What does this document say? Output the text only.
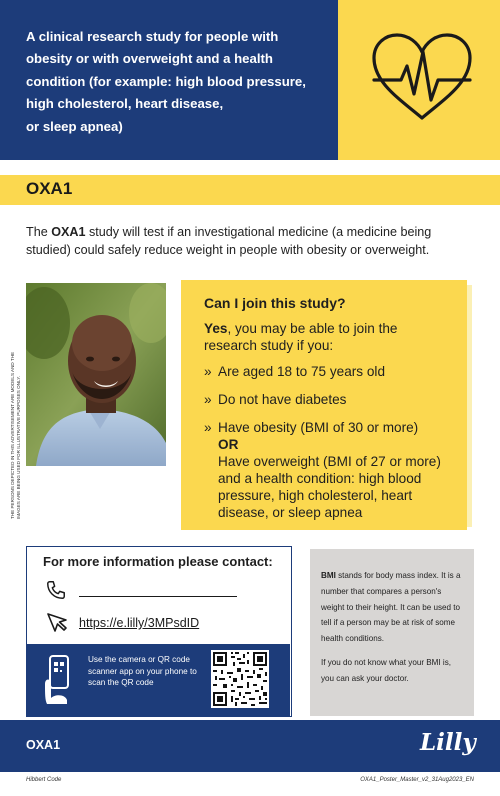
A clinical research study for people with
obesity or with overweight and a health
condition (for example: high blood pressure,
high cholesterol, heart disease,
or sleep apnea)
OXA1
The OXA1 study will test if an investigational medicine (a medicine being studied) could safely reduce weight in people with obesity or overweight.
THE PERSONS DEPICTED IN THIS ADVERTISEMENT ARE MODELS AND THE IMAGES ARE BEING USED FOR ILLUSTRATIVE PURPOSES ONLY.
Can I join this study?
Yes, you may be able to join the research study if you:
» Are aged 18 to 75 years old
» Do not have diabetes
» Have obesity (BMI of 30 or more)
OR
Have overweight (BMI of 27 or more) and a health condition: high blood pressure, high cholesterol, heart disease, or sleep apnea
For more information please contact:
https://e.lilly/3MPsdID
Use the camera or QR code scanner app on your phone to scan the QR code

BMI stands for body mass index. It is a number that compares a person's weight to their height. It can be used to tell if a person may be at risk of some health conditions.

If you do not know what your BMI is, you can ask your doctor.

OXA1	Lilly
Hibbert Code	OXA1_Poster_Master_v2_31Aug2023_EN
